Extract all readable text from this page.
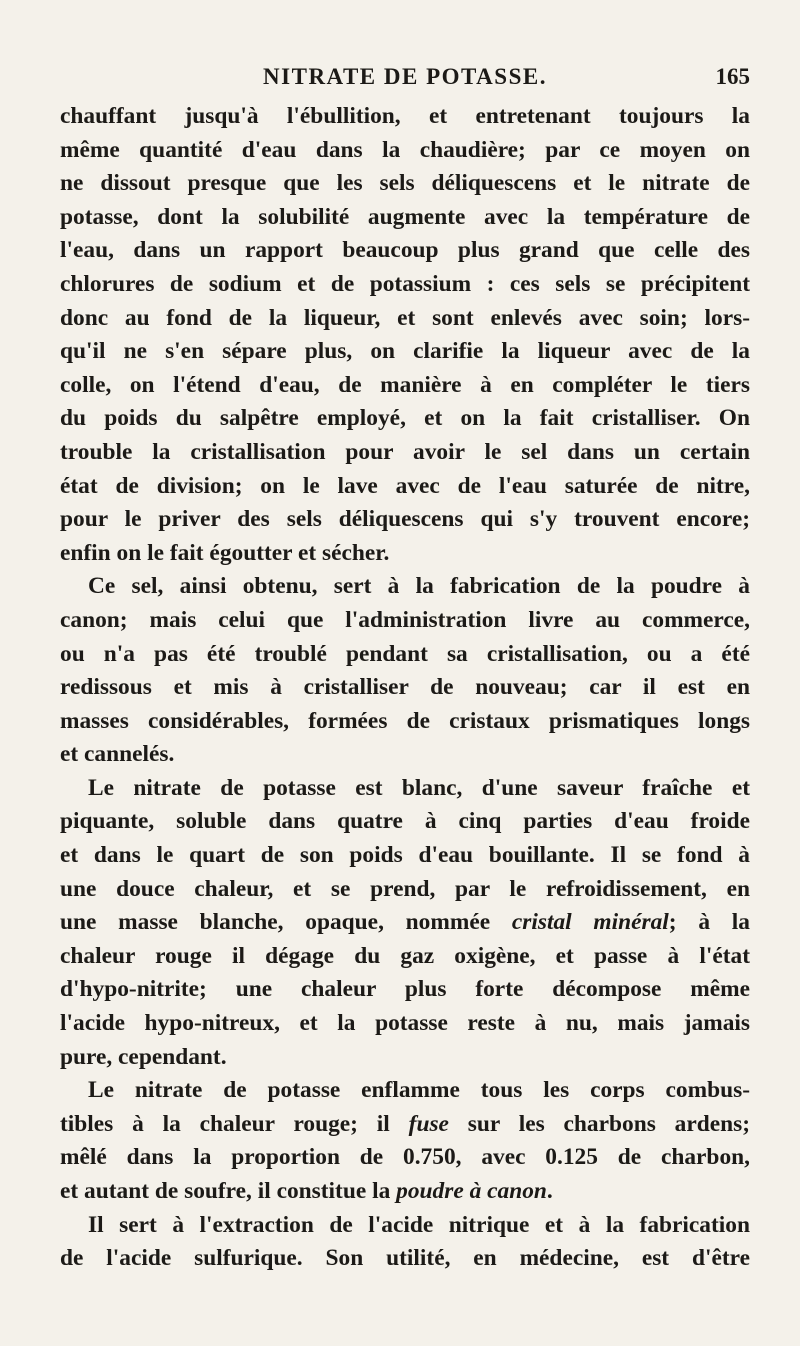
NITRATE DE POTASSE.	165
chauffant jusqu'à l'ébullition, et entretenant toujours la
même quantité d'eau dans la chaudière; par ce moyen on
ne dissout presque que les sels déliquescens et le nitrate de
potasse, dont la solubilité augmente avec la température de
l'eau, dans un rapport beaucoup plus grand que celle des
chlorures de sodium et de potassium : ces sels se précipitent
donc au fond de la liqueur, et sont enlevés avec soin; lors-
qu'il ne s'en sépare plus, on clarifie la liqueur avec de la
colle, on l'étend d'eau, de manière à en compléter le tiers
du poids du salpêtre employé, et on la fait cristalliser. On
trouble la cristallisation pour avoir le sel dans un certain
état de division; on le lave avec de l'eau saturée de nitre,
pour le priver des sels déliquescens qui s'y trouvent encore;
enfin on le fait égoutter et sécher.
Ce sel, ainsi obtenu, sert à la fabrication de la poudre à
canon; mais celui que l'administration livre au commerce,
ou n'a pas été troublé pendant sa cristallisation, ou a été
redissous et mis à cristalliser de nouveau; car il est en
masses considérables, formées de cristaux prismatiques longs
et cannelés.
Le nitrate de potasse est blanc, d'une saveur fraîche et
piquante, soluble dans quatre à cinq parties d'eau froide
et dans le quart de son poids d'eau bouillante. Il se fond à
une douce chaleur, et se prend, par le refroidissement, en
une masse blanche, opaque, nommée cristal minéral; à la
chaleur rouge il dégage du gaz oxigène, et passe à l'état
d'hypo-nitrite; une chaleur plus forte décompose même
l'acide hypo-nitreux, et la potasse reste à nu, mais jamais
pure, cependant.
Le nitrate de potasse enflamme tous les corps combus-
tibles à la chaleur rouge; il fuse sur les charbons ardens;
mêlé dans la proportion de 0.750, avec 0.125 de charbon,
et autant de soufre, il constitue la poudre à canon.
Il sert à l'extraction de l'acide nitrique et à la fabrication
de l'acide sulfurique. Son utilité, en médecine, est d'être
